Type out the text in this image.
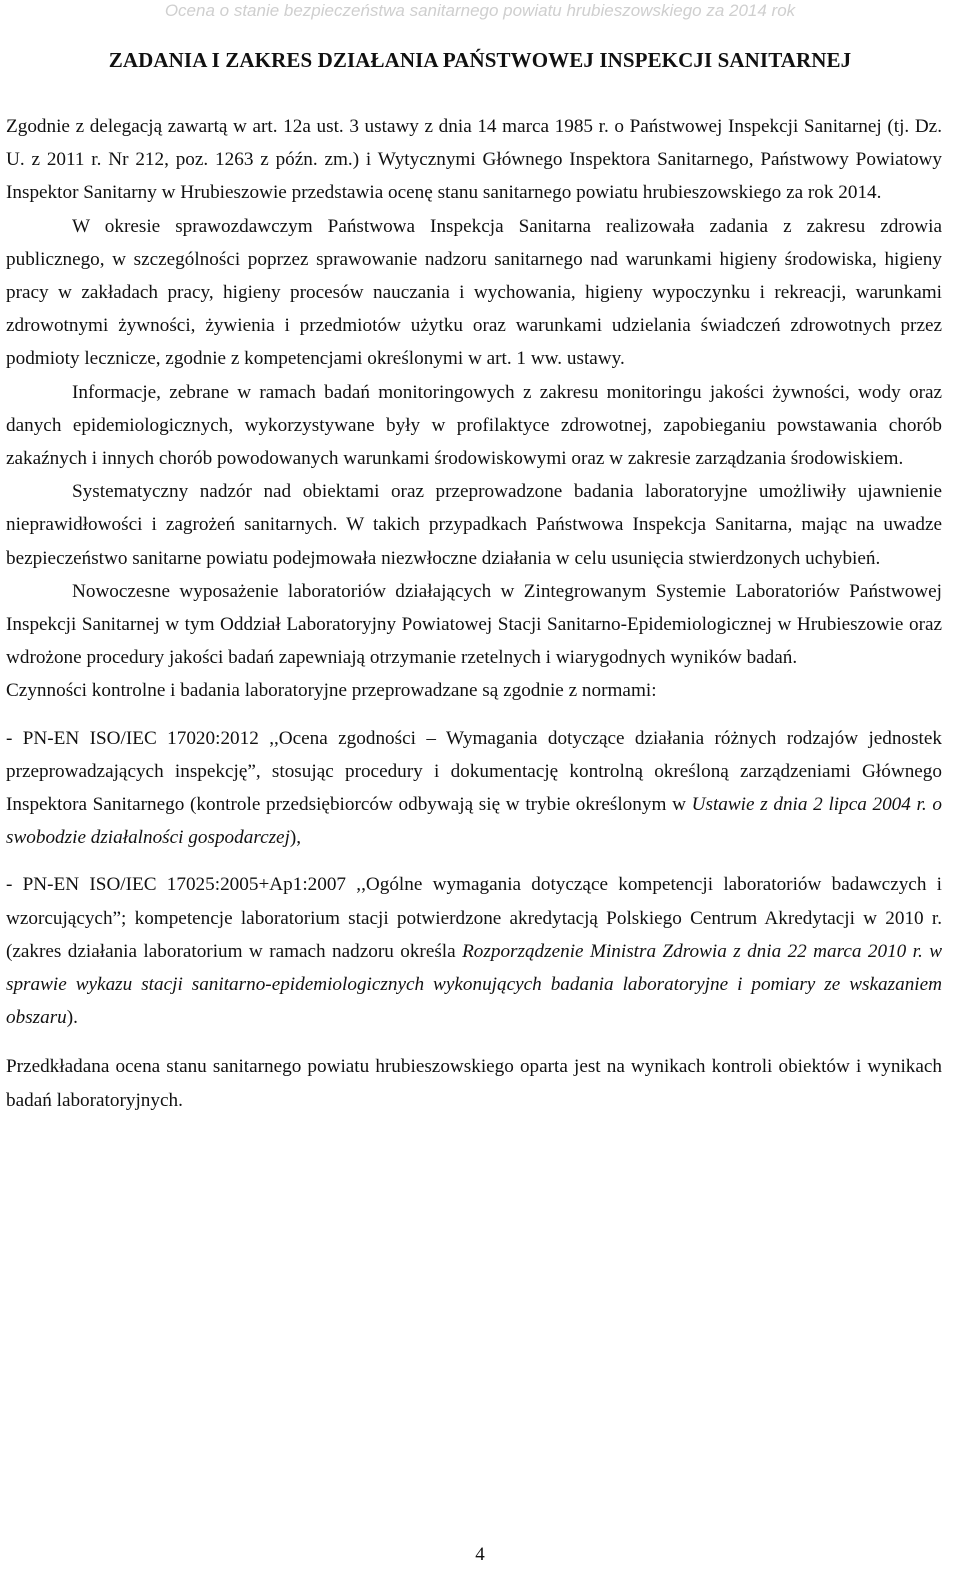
Ocena o stanie bezpieczeństwa sanitarnego powiatu hrubieszowskiego za 2014 rok
ZADANIA I ZAKRES DZIAŁANIA PAŃSTWOWEJ INSPEKCJI SANITARNEJ

Zgodnie z delegacją zawartą w art. 12a ust. 3 ustawy z dnia 14 marca 1985 r. o Państwowej Inspekcji Sanitarnej (tj. Dz. U. z 2011 r. Nr 212, poz. 1263 z późn. zm.) i Wytycznymi Głównego Inspektora Sanitarnego, Państwowy Powiatowy Inspektor Sanitarny w Hrubieszowie przedstawia ocenę stanu sanitarnego powiatu hrubieszowskiego za rok 2014.

W okresie sprawozdawczym Państwowa Inspekcja Sanitarna realizowała zadania z zakresu zdrowia publicznego, w szczególności poprzez sprawowanie nadzoru sanitarnego nad warunkami higieny środowiska, higieny pracy w zakładach pracy, higieny procesów nauczania i wychowania, higieny wypoczynku i rekreacji, warunkami zdrowotnymi żywności, żywienia i przedmiotów użytku oraz warunkami udzielania świadczeń zdrowotnych przez podmioty lecznicze, zgodnie z kompetencjami określonymi w art. 1 ww. ustawy.

Informacje, zebrane w ramach badań monitoringowych z zakresu monitoringu jakości żywności, wody oraz danych epidemiologicznych, wykorzystywane były w profilaktyce zdrowotnej, zapobieganiu powstawania chorób zakaźnych i innych chorób powodowanych warunkami środowiskowymi oraz w zakresie zarządzania środowiskiem.

Systematyczny nadzór nad obiektami oraz przeprowadzone badania laboratoryjne umożliwiły ujawnienie nieprawidłowości i zagrożeń sanitarnych. W takich przypadkach Państwowa Inspekcja Sanitarna, mając na uwadze bezpieczeństwo sanitarne powiatu podejmowała niezwłoczne działania w celu usunięcia stwierdzonych uchybień.

Nowoczesne wyposażenie laboratoriów działających w Zintegrowanym Systemie Laboratoriów Państwowej Inspekcji Sanitarnej w tym Oddział Laboratoryjny Powiatowej Stacji Sanitarno-Epidemiologicznej w Hrubieszowie oraz wdrożone procedury jakości badań zapewniają otrzymanie rzetelnych i wiarygodnych wyników badań.

Czynności kontrolne i badania laboratoryjne przeprowadzane są zgodnie z normami:

- PN-EN ISO/IEC 17020:2012 ,,Ocena zgodności – Wymagania dotyczące działania różnych rodzajów jednostek przeprowadzających inspekcję”, stosując procedury i dokumentację kontrolną określoną zarządzeniami Głównego Inspektora Sanitarnego (kontrole przedsiębiorców odbywają się w trybie określonym w Ustawie z dnia 2 lipca 2004 r. o swobodzie działalności gospodarczej),

- PN-EN ISO/IEC 17025:2005+Ap1:2007 ,,Ogólne wymagania dotyczące kompetencji laboratoriów badawczych i wzorcujących”; kompetencje laboratorium stacji potwierdzone akredytacją Polskiego Centrum Akredytacji w 2010 r. (zakres działania laboratorium w ramach nadzoru określa Rozporządzenie Ministra Zdrowia z dnia 22 marca 2010 r. w sprawie wykazu stacji sanitarno-epidemiologicznych wykonujących badania laboratoryjne i pomiary ze wskazaniem obszaru).

Przedkładana ocena stanu sanitarnego powiatu hrubieszowskiego oparta jest na wynikach kontroli obiektów i wynikach badań laboratoryjnych.

4
